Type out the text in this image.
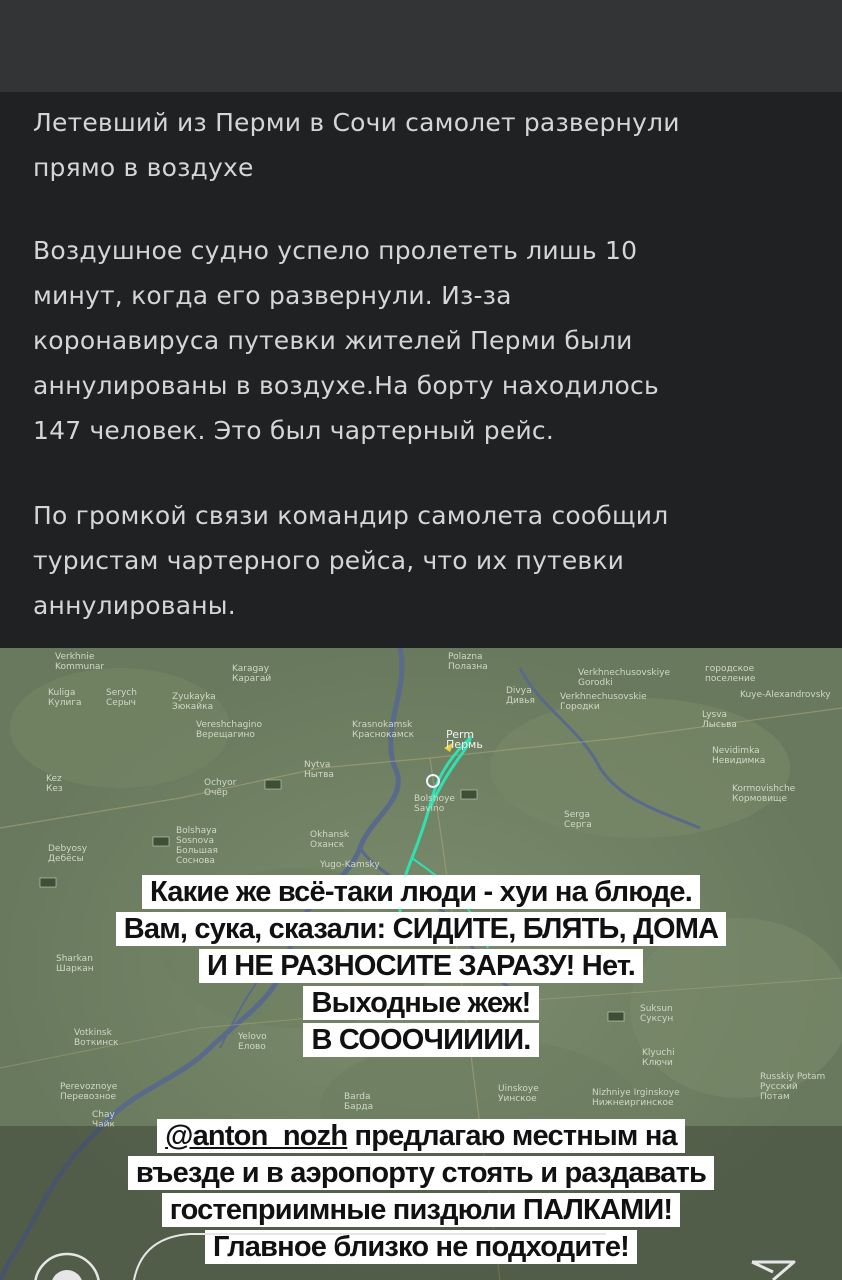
Летевший из Перми в Сочи самолет развернули
прямо в воздухе

Воздушное судно успело пролететь лишь 10
минут, когда его развернули. Из-за
коронавируса путевки жителей Перми были
аннулированы в воздухе.На борту находилось
147 человек. Это был чартерный рейс.

По громкой связи командир самолета сообщил
туристам чартерного рейса, что их путевки
аннулированы.

Verkhnie
Kommunar	Karagay
Карагай
Polazna
Полазна
Verkhnechusovskiye
Gorodki
городское
поселение
Kuye-Alexandrovsky
Kuliga
Кулига
Serych
Серыч
Zyukayka
Зюкайка
Divya
Дивья	Verkhnechusovskie
Городки
Lysva
Лысьва
Vereshchagino
Верещагино
Krasnokamsk
Краснокамск	Perm
Пермь	Nevidimka
Невидимка
Nytva
Нытва
Kez
Кез
Ochyor
Очёр
Bolshoye
Savino
Kormovishche
Кормовище
Bolshaya
Sosnova
Большая
Сосновa
Okhansk
Оханск
Sergа
Серга
Debyosy
Дебёсы
Yugo-Kamsky
Votkinsk
Воткинск
Yelovo
Елово
Suksun
Суксун
Klyuchi
Ключи
Perevoznoye
Перевозное	Barda
Барда
Uinskoye
Уинское
Nizhniye Irginskoye
Нижнеиргинское
Russkiy Potam
Русский
Потам
Chay
Чайк
Sharkan
Шаркан
Какие же всё-таки люди - хуи на блюде.
Вам, сука, сказали: СИДИТЕ, БЛЯТЬ, ДОМА
И НЕ РАЗНОСИТЕ ЗАРАЗУ! Нет.
Выходные жеж!
В СОООЧИИИИ.
@anton_nozh предлагаю местным на
въезде и в аэропорту стоять и раздавать
гостеприимные пиздюли ПАЛКАМИ!
Главное близко не подходите!
